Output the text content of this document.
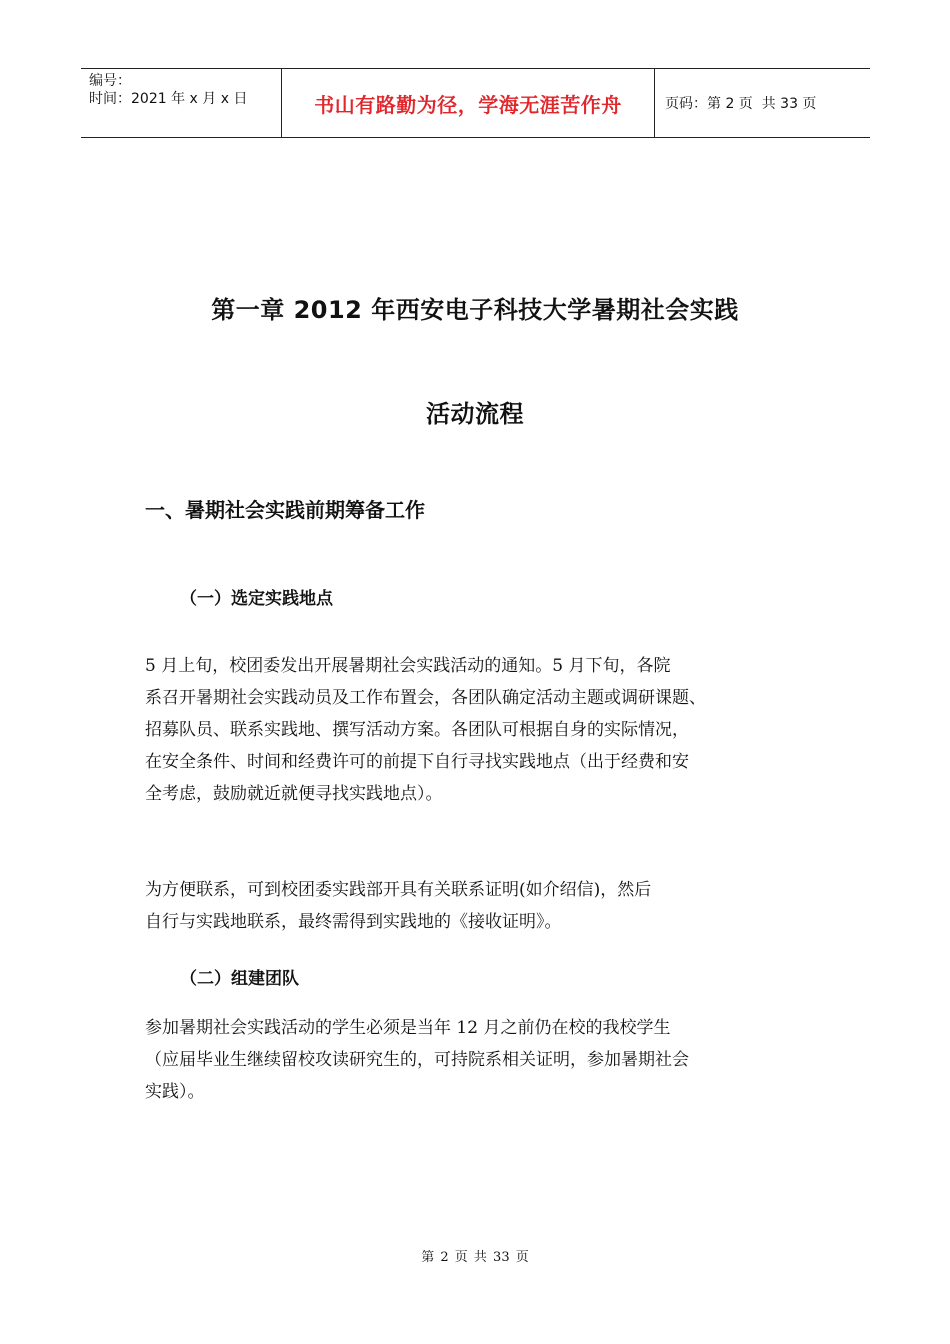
编号：
时间：2021 年 x 月 x 日	书山有路勤为径，学海无涯苦作舟	页码：第 2 页  共 33 页
第一章 2012 年西安电子科技大学暑期社会实践
活动流程
一、暑期社会实践前期筹备工作
（一）选定实践地点
5 月上旬，校团委发出开展暑期社会实践活动的通知。5 月下旬，各院
系召开暑期社会实践动员及工作布置会，各团队确定活动主题或调研课题、
招募队员、联系实践地、撰写活动方案。各团队可根据自身的实际情况，
在安全条件、时间和经费许可的前提下自行寻找实践地点（出于经费和安
全考虑，鼓励就近就便寻找实践地点）。
为方便联系，可到校团委实践部开具有关联系证明(如介绍信)，然后
自行与实践地联系，最终需得到实践地的《接收证明》。
（二）组建团队
参加暑期社会实践活动的学生必须是当年 12 月之前仍在校的我校学生
（应届毕业生继续留校攻读研究生的，可持院系相关证明，参加暑期社会
实践）。
第 2 页 共 33 页
